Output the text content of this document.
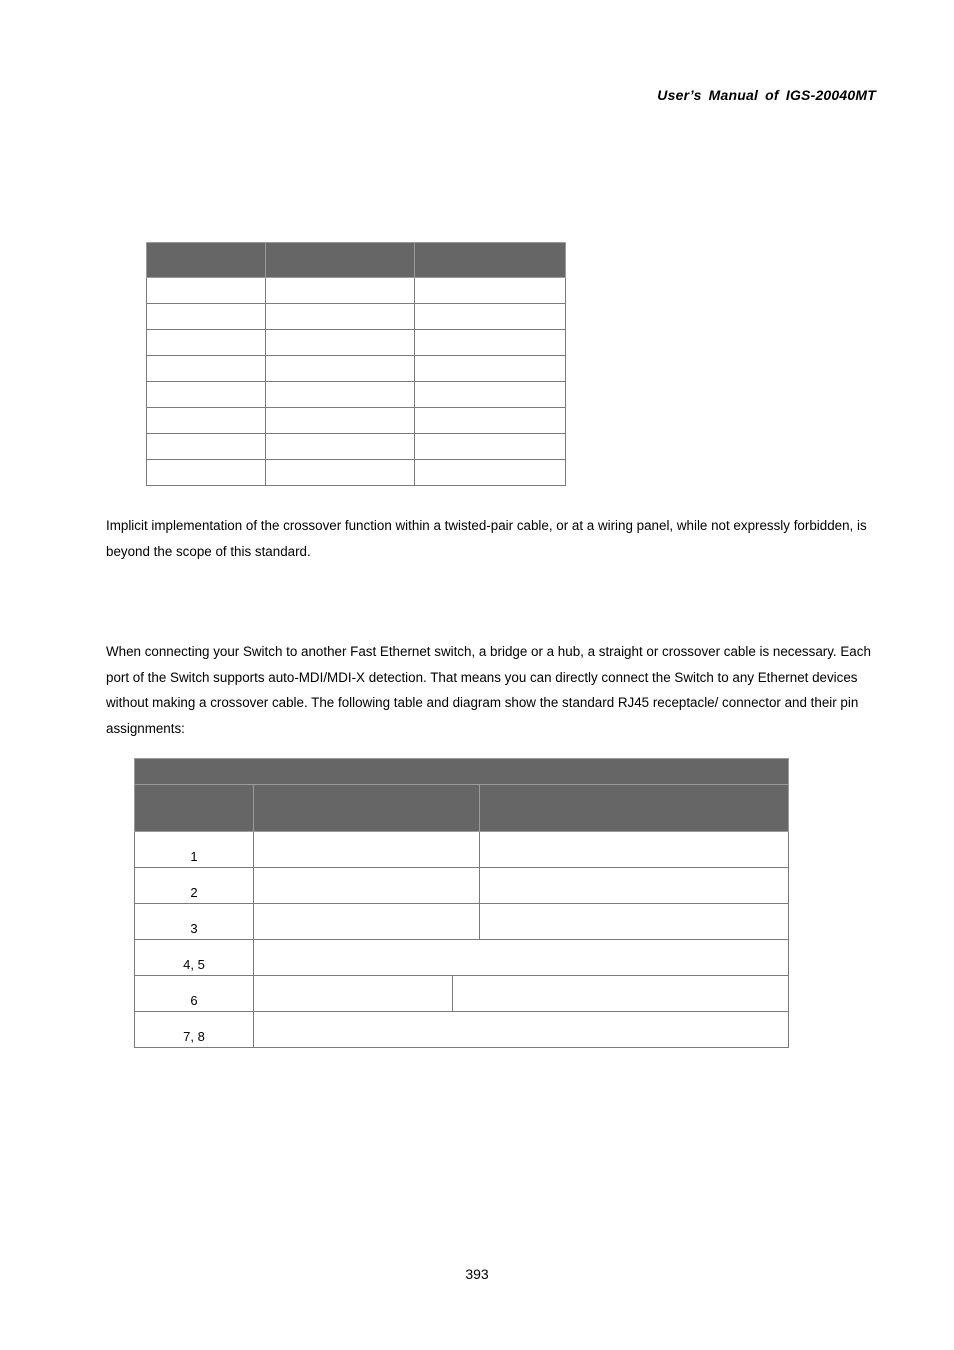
User’s Manual of IGS-20040MT

Implicit implementation of the crossover function within a twisted-pair cable, or at a wiring panel, while not expressly forbidden, is beyond the scope of this standard.

When connecting your Switch to another Fast Ethernet switch, a bridge or a hub, a straight or crossover cable is necessary. Each port of the Switch supports auto-MDI/MDI-X detection. That means you can directly connect the Switch to any Ethernet devices without making a crossover cable. The following table and diagram show the standard RJ45 receptacle/ connector and their pin assignments:

1			
2			
3			
4, 5			
6			
7, 8			
393
